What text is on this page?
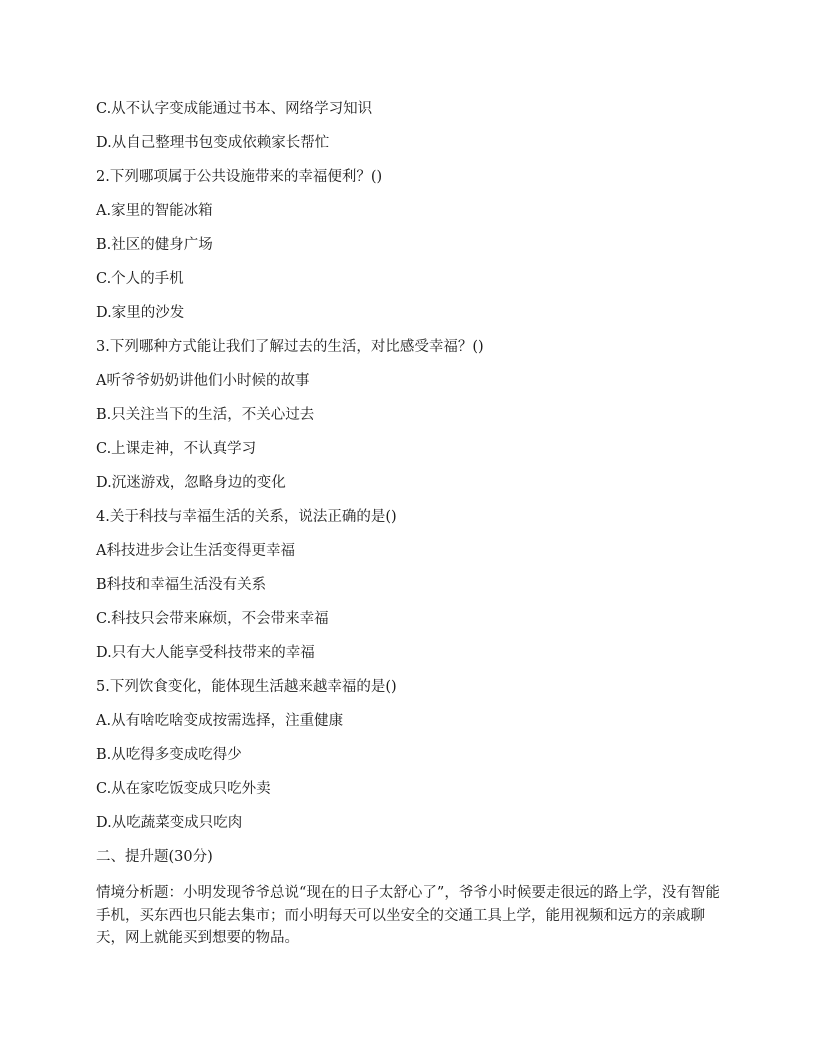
C.从不认字变成能通过书本、网络学习知识
D.从自己整理书包变成依赖家长帮忙
2.下列哪项属于公共设施带来的幸福便利？()
A.家里的智能冰箱
B.社区的健身广场
C.个人的手机
D.家里的沙发
3.下列哪种方式能让我们了解过去的生活，对比感受幸福？()
A听爷爷奶奶讲他们小时候的故事
B.只关注当下的生活，不关心过去
C.上课走神，不认真学习
D.沉迷游戏，忽略身边的变化
4.关于科技与幸福生活的关系，说法正确的是()
A科技进步会让生活变得更幸福
B科技和幸福生活没有关系
C.科技只会带来麻烦，不会带来幸福
D.只有大人能享受科技带来的幸福
5.下列饮食变化，能体现生活越来越幸福的是()
A.从有啥吃啥变成按需选择，注重健康
B.从吃得多变成吃得少
C.从在家吃饭变成只吃外卖
D.从吃蔬菜变成只吃肉
二、提升题(30分)
情境分析题：小明发现爷爷总说“现在的日子太舒心了”，爷爷小时候要走很远的路上学，没有智能手机，买东西也只能去集市；而小明每天可以坐安全的交通工具上学，能用视频和远方的亲戚聊天，网上就能买到想要的物品。
